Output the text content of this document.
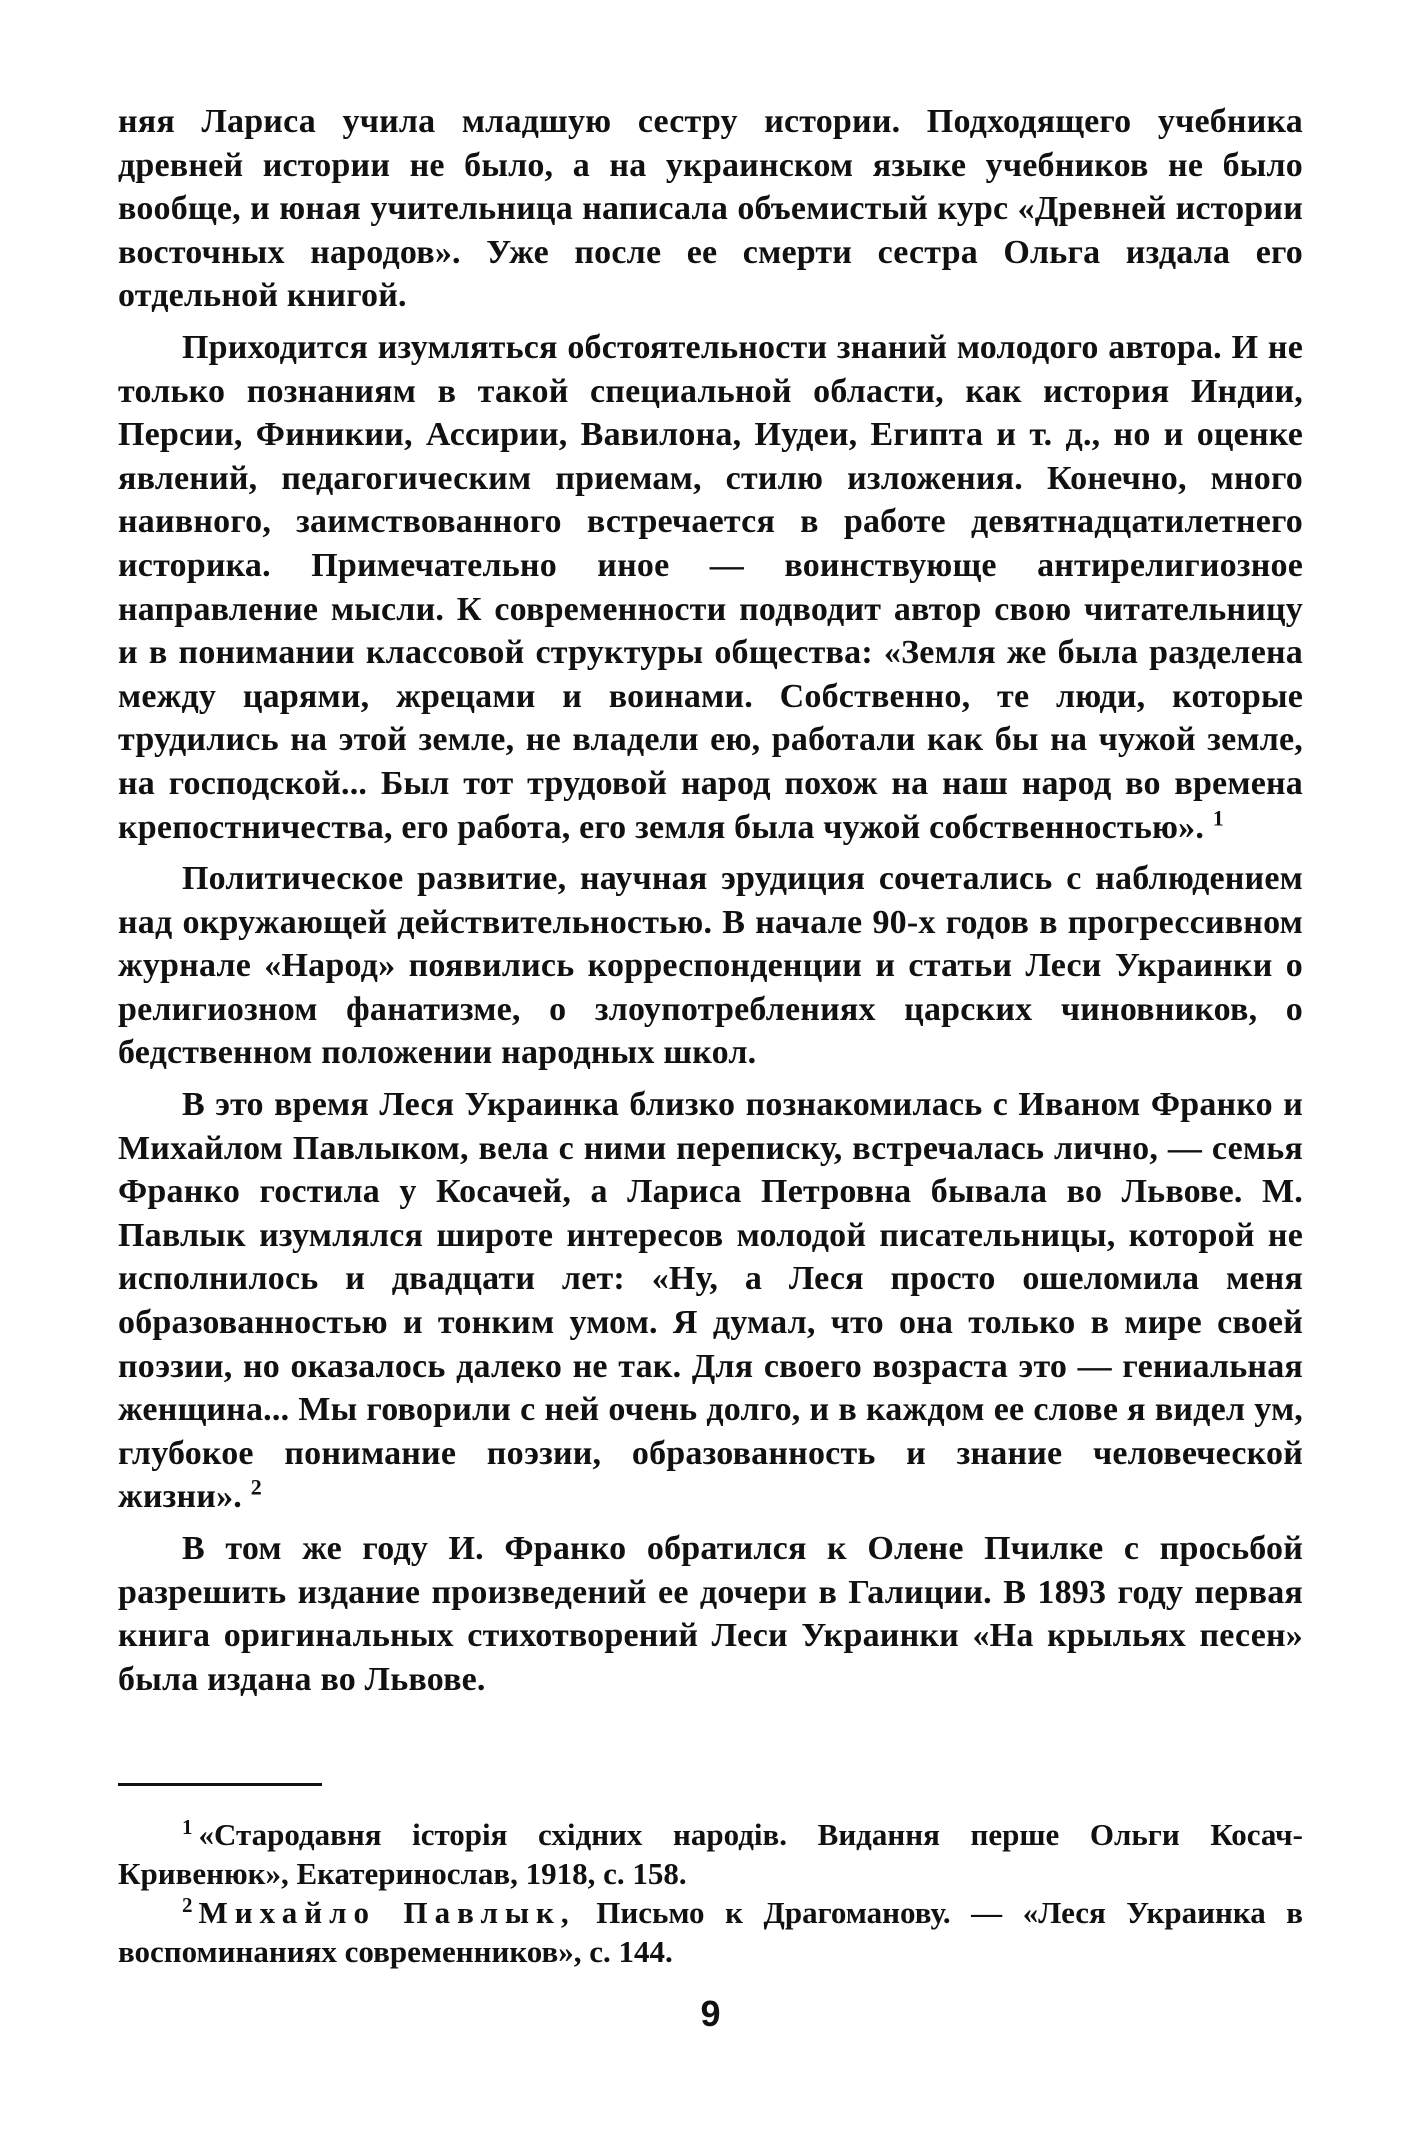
няя Лариса учила младшую сестру истории. Подходящего учебника древней истории не было, а на украинском языке учебников не было вообще, и юная учительница написала объемистый курс «Древней истории восточных народов». Уже после ее смерти сестра Ольга издала его отдельной книгой.

Приходится изумляться обстоятельности знаний молодого автора. И не только познаниям в такой специальной области, как история Индии, Персии, Финикии, Ассирии, Вавилона, Иудеи, Египта и т. д., но и оценке явлений, педагогическим приемам, стилю изложения. Конечно, много наивного, заимствованного встречается в работе девятнадцатилетнего историка. Примечательно иное — воинствующе антирелигиозное направление мысли. К современности подводит автор свою читательницу и в понимании классовой структуры общества: «Земля же была разделена между царями, жрецами и воинами. Собственно, те люди, которые трудились на этой земле, не владели ею, работали как бы на чужой земле, на господской... Был тот трудовой народ похож на наш народ во времена крепостничества, его работа, его земля была чужой собственностью». $^1$

Политическое развитие, научная эрудиция сочетались с наблюдением над окружающей действительностью. В начале 90-х годов в прогрессивном журнале «Народ» появились корреспонденции и статьи Леси Украинки о религиозном фанатизме, о злоупотреблениях царских чиновников, о бедственном положении народных школ.

В это время Леся Украинка близко познакомилась с Иваном Франко и Михайлом Павлыком, вела с ними переписку, встречалась лично, — семья Франко гостила у Косачей, а Лариса Петровна бывала во Львове. М. Павлык изумлялся широте интересов молодой писательницы, которой не исполнилось и двадцати лет: «Ну, а Леся просто ошеломила меня образованностью и тонким умом. Я думал, что она только в мире своей поэзии, но оказалось далеко не так. Для своего возраста это — гениальная женщина... Мы говорили с ней очень долго, и в каждом ее слове я видел ум, глубокое понимание поэзии, образованность и знание человеческой жизни». $^2$

В том же году И. Франко обратился к Олене Пчилке с просьбой разрешить издание произведений ее дочери в Галиции. В 1893 году первая книга оригинальных стихотворений Леси Украинки «На крыльях песен» была издана во Львове.

$^1$ «Стародавня історія східних народів. Видання перше Ольги Косач-Кривенюк», Екатеринослав, 1918, с. 158.

$^2$ Михайло Павлык, Письмо к Драгоманову. — «Леся Украинка в воспоминаниях современников», с. 144.

9
